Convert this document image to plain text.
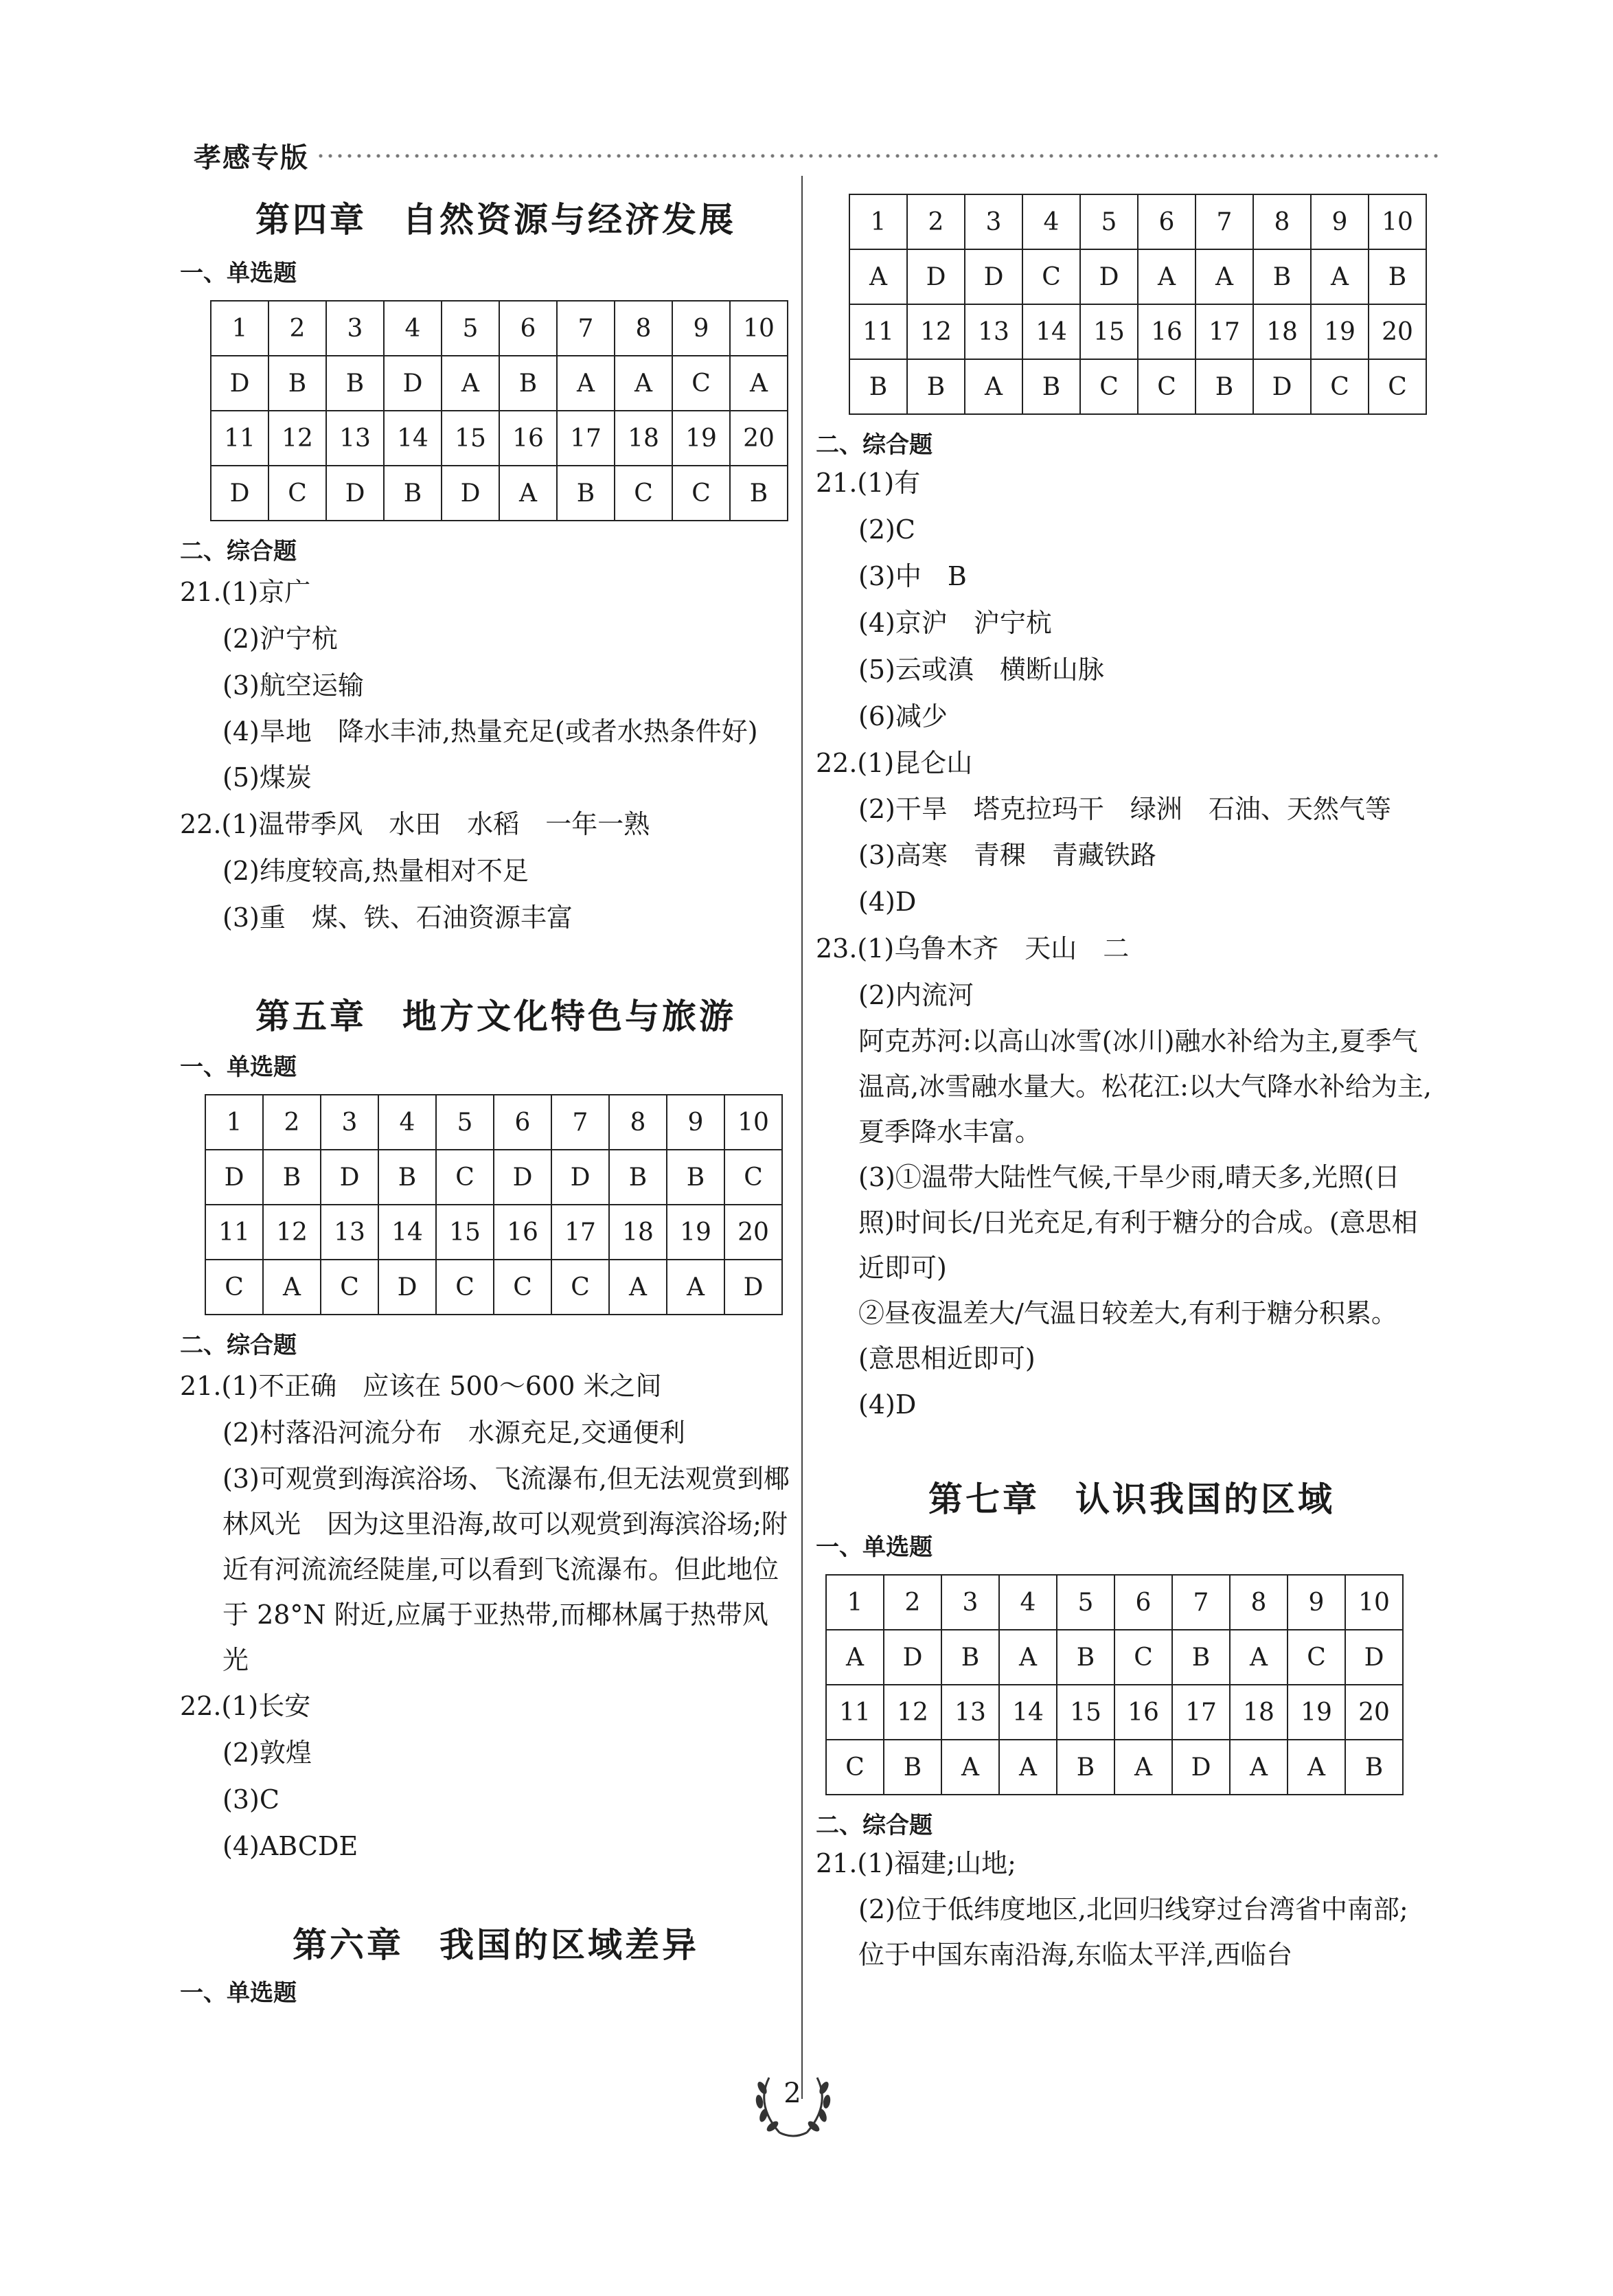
孝感专版
第四章 自然资源与经济发展

一、单选题

1	2	3	4	5	6	7	8	9	10
D	B	B	D	A	B	A	A	C	A
11	12	13	14	15	16	17	18	19	20
D	C	D	B	D	A	B	C	C	B

二、综合题

21.(1)京广

(2)沪宁杭

(3)航空运输

(4)旱地　降水丰沛,热量充足(或者水热条件好)

(5)煤炭

22.(1)温带季风　水田　水稻　一年一熟

(2)纬度较高,热量相对不足

(3)重　煤、铁、石油资源丰富

第五章 地方文化特色与旅游

一、单选题

1	2	3	4	5	6	7	8	9	10
D	B	D	B	C	D	D	B	B	C
11	12	13	14	15	16	17	18	19	20
C	A	C	D	C	C	C	A	A	D

二、综合题

21.(1)不正确　应该在 500～600 米之间

(2)村落沿河流分布　水源充足,交通便利

(3)可观赏到海滨浴场、飞流瀑布,但无法观赏到椰林风光　因为这里沿海,故可以观赏到海滨浴场;附近有河流流经陡崖,可以看到飞流瀑布。但此地位于 28°N 附近,应属于亚热带,而椰林属于热带风光

22.(1)长安

(2)敦煌

(3)C

(4)ABCDE

第六章 我国的区域差异

一、单选题

1	2	3	4	5	6	7	8	9	10
A	D	D	C	D	A	A	B	A	B
11	12	13	14	15	16	17	18	19	20
B	B	A	B	C	C	B	D	C	C

二、综合题

21.(1)有

(2)C

(3)中　B

(4)京沪　沪宁杭

(5)云或滇　横断山脉

(6)减少

22.(1)昆仑山

(2)干旱　塔克拉玛干　绿洲　石油、天然气等

(3)高寒　青稞　青藏铁路

(4)D

23.(1)乌鲁木齐　天山　二

(2)内流河

阿克苏河:以高山冰雪(冰川)融水补给为主,夏季气温高,冰雪融水量大。松花江:以大气降水补给为主,夏季降水丰富。

(3)①温带大陆性气候,干旱少雨,晴天多,光照(日照)时间长/日光充足,有利于糖分的合成。(意思相近即可)

②昼夜温差大/气温日较差大,有利于糖分积累。(意思相近即可)

(4)D

第七章 认识我国的区域

一、单选题

1	2	3	4	5	6	7	8	9	10
A	D	B	A	B	C	B	A	C	D
11	12	13	14	15	16	17	18	19	20
C	B	A	A	B	A	D	A	A	B

二、综合题

21.(1)福建;山地;

(2)位于低纬度地区,北回归线穿过台湾省中南部;位于中国东南沿海,东临太平洋,西临台

2
